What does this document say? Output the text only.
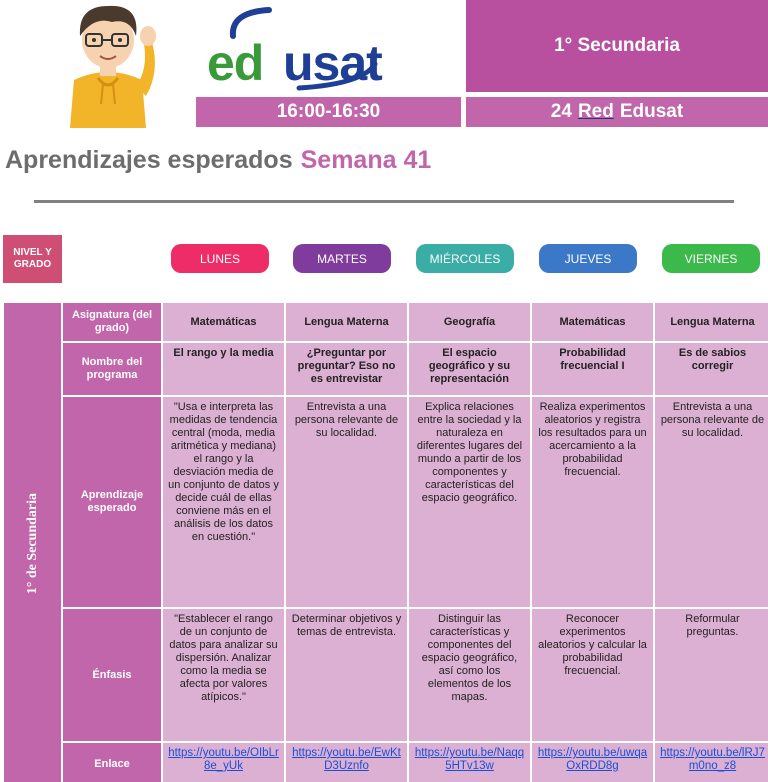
ed usat	1° Secundaria
16:00-16:30	24 Red Edusat
Aprendizajes esperados Semana 41
NIVEL Y GRADO	LUNES	MARTES	MIÉRCOLES	JUEVES	VIERNES
1° de Secundaria	Asignatura (del grado)	Matemáticas	Lengua Materna	Geografía	Matemáticas	Lengua Materna
	Nombre del programa	El rango y la media	¿Preguntar por preguntar? Eso no es entrevistar	El espacio geográfico y su representación	Probabilidad frecuencial I	Es de sabios corregir
	Aprendizaje esperado	"Usa e interpreta las medidas de tendencia central (moda, media aritmética y mediana) el rango y la desviación media de un conjunto de datos y decide cuál de ellas conviene más en el análisis de los datos en cuestión."	Entrevista a una persona relevante de su localidad.	Explica relaciones entre la sociedad y la naturaleza en diferentes lugares del mundo a partir de los componentes y características del espacio geográfico.	Realiza experimentos aleatorios y registra los resultados para un acercamiento a la probabilidad frecuencial.	Entrevista a una persona relevante de su localidad.
	Énfasis	"Establecer el rango de un conjunto de datos para analizar su dispersión. Analizar como la media se afecta por valores atípicos."	Determinar objetivos y temas de entrevista.	Distinguir las características y componentes del espacio geográfico, así como los elementos de los mapas.	Reconocer experimentos aleatorios y calcular la probabilidad frecuencial.	Reformular preguntas.
	Enlace	https://youtu.be/OIbLr8e_yUk	https://youtu.be/EwKtD3Uznfo	https://youtu.be/Naqq5HTv13w	https://youtu.be/uwqaOxRDD8g	https://youtu.be/lRJ7m0no_z8
